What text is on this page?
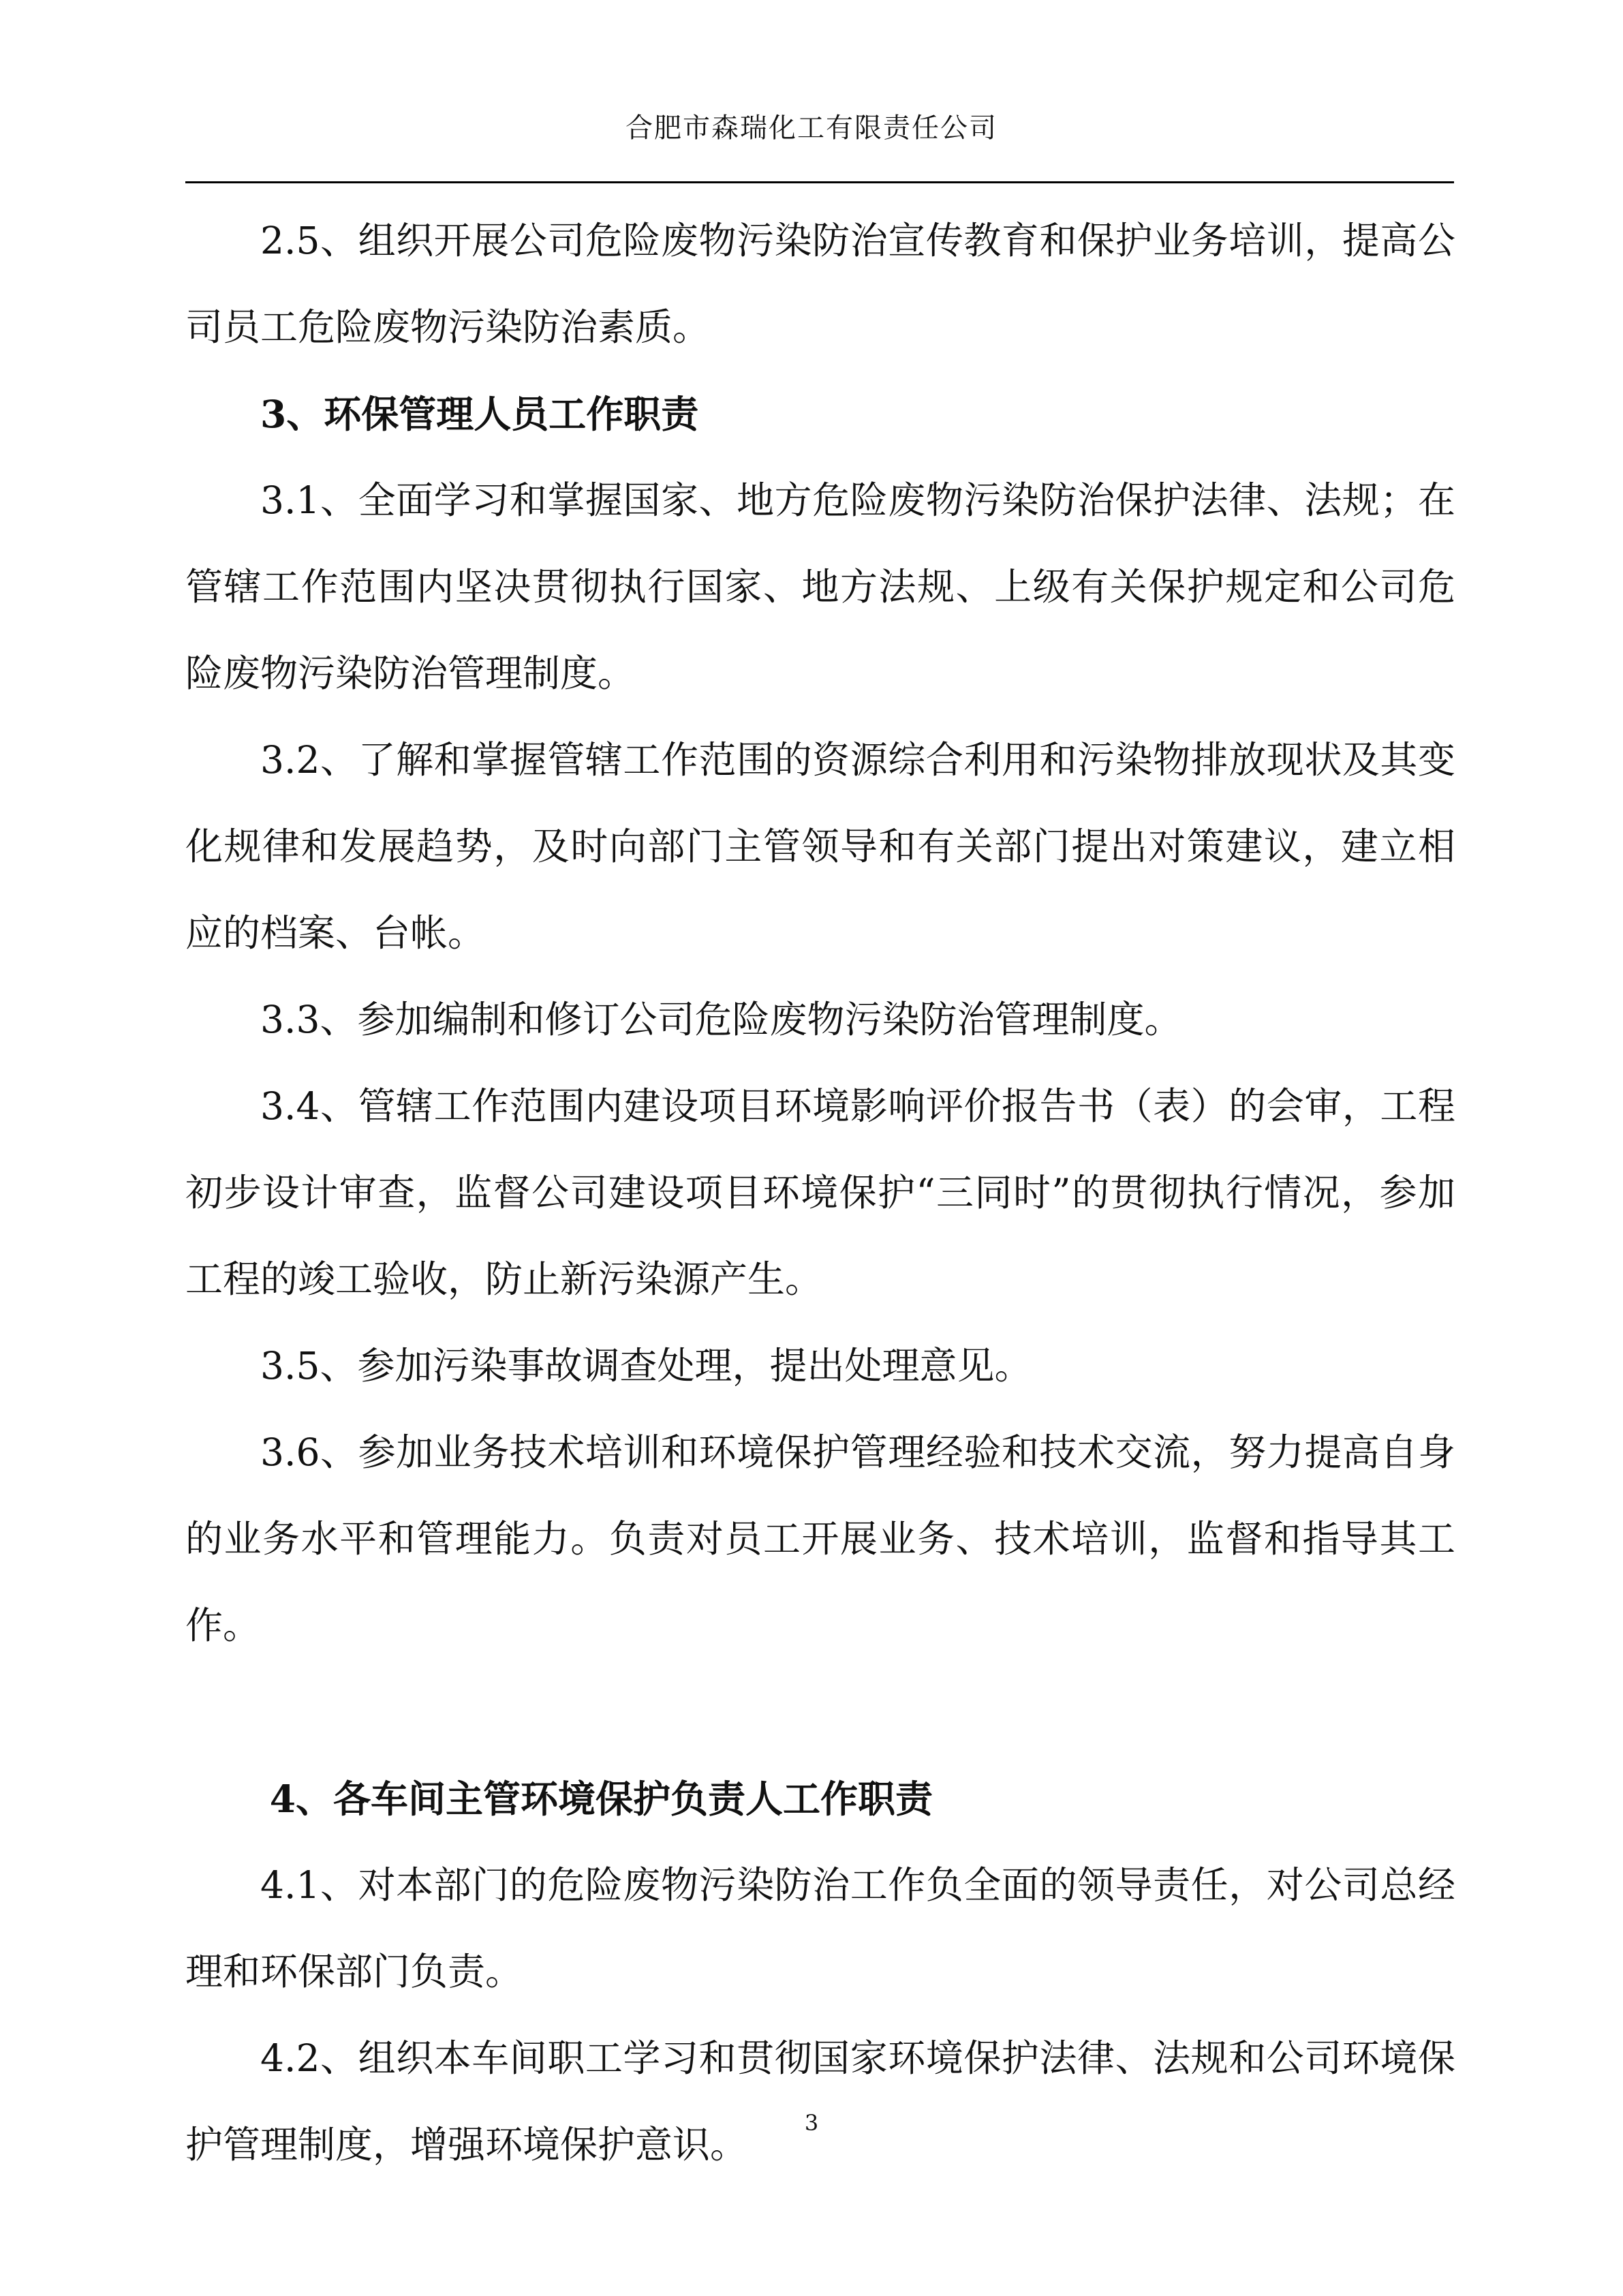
合肥市森瑞化工有限责任公司

2.5、组织开展公司危险废物污染防治宣传教育和保护业务培训，提高公司员工危险废物污染防治素质。

3、环保管理人员工作职责

3.1、全面学习和掌握国家、地方危险废物污染防治保护法律、法规；在管辖工作范围内坚决贯彻执行国家、地方法规、上级有关保护规定和公司危险废物污染防治管理制度。

3.2、了解和掌握管辖工作范围的资源综合利用和污染物排放现状及其变化规律和发展趋势，及时向部门主管领导和有关部门提出对策建议，建立相应的档案、台帐。

3.3、参加编制和修订公司危险废物污染防治管理制度。

3.4、管辖工作范围内建设项目环境影响评价报告书（表）的会审，工程初步设计审查，监督公司建设项目环境保护“三同时”的贯彻执行情况，参加工程的竣工验收，防止新污染源产生。

3.5、参加污染事故调查处理，提出处理意见。

3.6、参加业务技术培训和环境保护管理经验和技术交流，努力提高自身的业务水平和管理能力。负责对员工开展业务、技术培训，监督和指导其工作。

4、各车间主管环境保护负责人工作职责

4.1、对本部门的危险废物污染防治工作负全面的领导责任，对公司总经理和环保部门负责。

4.2、组织本车间职工学习和贯彻国家环境保护法律、法规和公司环境保护管理制度，增强环境保护意识。	3
